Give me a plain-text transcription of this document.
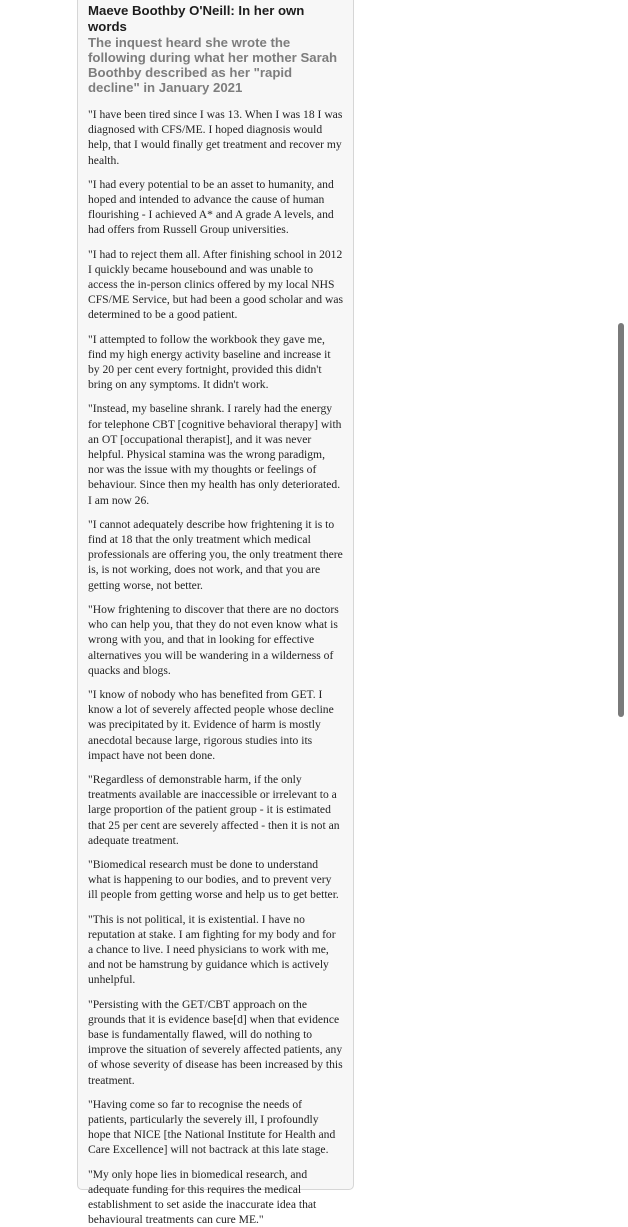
Maeve Boothby O'Neill: In her own words

The inquest heard she wrote the following during what her mother Sarah Boothby described as her "rapid decline" in January 2021

"I have been tired since I was 13. When I was 18 I was diagnosed with CFS/ME. I hoped diagnosis would help, that I would finally get treatment and recover my health.

"I had every potential to be an asset to humanity, and hoped and intended to advance the cause of human flourishing - I achieved A* and A grade A levels, and had offers from Russell Group universities.

"I had to reject them all. After finishing school in 2012 I quickly became housebound and was unable to access the in-person clinics offered by my local NHS CFS/ME Service, but had been a good scholar and was determined to be a good patient.

"I attempted to follow the workbook they gave me, find my high energy activity baseline and increase it by 20 per cent every fortnight, provided this didn't bring on any symptoms. It didn't work.

"Instead, my baseline shrank. I rarely had the energy for telephone CBT [cognitive behavioral therapy] with an OT [occupational therapist], and it was never helpful. Physical stamina was the wrong paradigm, nor was the issue with my thoughts or feelings of behaviour. Since then my health has only deteriorated. I am now 26.

"I cannot adequately describe how frightening it is to find at 18 that the only treatment which medical professionals are offering you, the only treatment there is, is not working, does not work, and that you are getting worse, not better.

"How frightening to discover that there are no doctors who can help you, that they do not even know what is wrong with you, and that in looking for effective alternatives you will be wandering in a wilderness of quacks and blogs.

"I know of nobody who has benefited from GET. I know a lot of severely affected people whose decline was precipitated by it. Evidence of harm is mostly anecdotal because large, rigorous studies into its impact have not been done.

"Regardless of demonstrable harm, if the only treatments available are inaccessible or irrelevant to a large proportion of the patient group - it is estimated that 25 per cent are severely affected - then it is not an adequate treatment.

"Biomedical research must be done to understand what is happening to our bodies, and to prevent very ill people from getting worse and help us to get better.

"This is not political, it is existential. I have no reputation at stake. I am fighting for my body and for a chance to live. I need physicians to work with me, and not be hamstrung by guidance which is actively unhelpful.

"Persisting with the GET/CBT approach on the grounds that it is evidence base[d] when that evidence base is fundamentally flawed, will do nothing to improve the situation of severely affected patients, any of whose severity of disease has been increased by this treatment.

"Having come so far to recognise the needs of patients, particularly the severely ill, I profoundly hope that NICE [the National Institute for Health and Care Excellence] will not bactrack at this late stage.

"My only hope lies in biomedical research, and adequate funding for this requires the medical establishment to set aside the inaccurate idea that behavioural treatments can cure ME."
